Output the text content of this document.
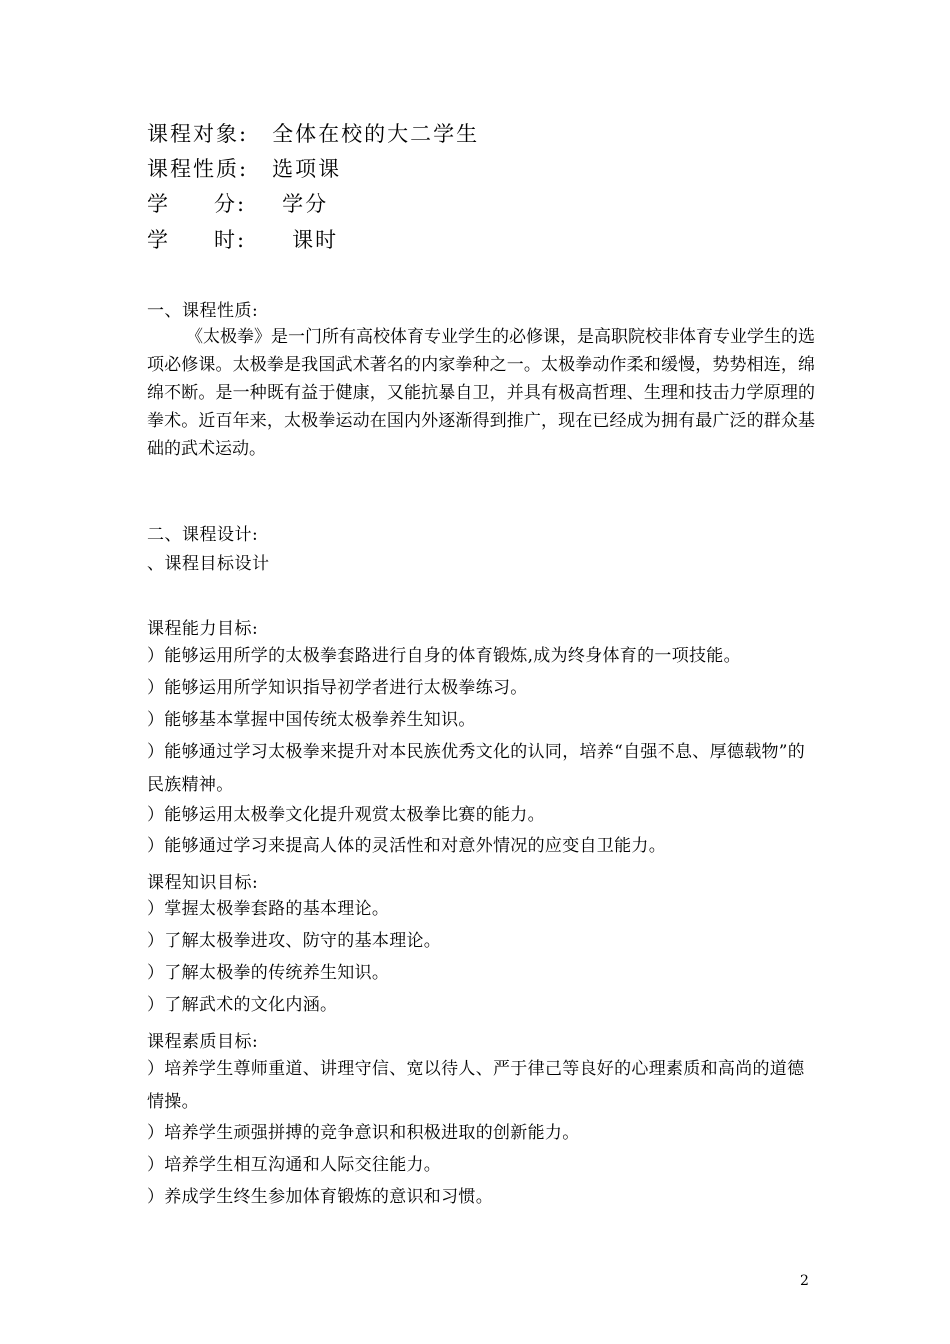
课程对象: 全体在校的大二学生
课程性质: 选项课
学 分: 学分
学 时: 课时
一、课程性质:

《太极拳》是一门所有高校体育专业学生的必修课，是高职院校非体育专业学生的选项必修课。太极拳是我国武术著名的内家拳种之一。太极拳动作柔和缓慢，势势相连，绵绵不断。是一种既有益于健康，又能抗暴自卫，并具有极高哲理、生理和技击力学原理的拳术。近百年来，太极拳运动在国内外逐渐得到推广，现在已经成为拥有最广泛的群众基础的武术运动。

二、课程设计:
、课程目标设计
课程能力目标:
）能够运用所学的太极拳套路进行自身的体育锻炼,成为终身体育的一项技能。
）能够运用所学知识指导初学者进行太极拳练习。
）能够基本掌握中国传统太极拳养生知识。
）能够通过学习太极拳来提升对本民族优秀文化的认同，培养“自强不息、厚德载物”的民族精神。
）能够运用太极拳文化提升观赏太极拳比赛的能力。
）能够通过学习来提高人体的灵活性和对意外情况的应变自卫能力。
课程知识目标:
）掌握太极拳套路的基本理论。
）了解太极拳进攻、防守的基本理论。
）了解太极拳的传统养生知识。
）了解武术的文化内涵。
课程素质目标:
）培养学生尊师重道、讲理守信、宽以待人、严于律己等良好的心理素质和高尚的道德情操。
）培养学生顽强拼搏的竞争意识和积极进取的创新能力。
）培养学生相互沟通和人际交往能力。
）养成学生终生参加体育锻炼的意识和习惯。
2
